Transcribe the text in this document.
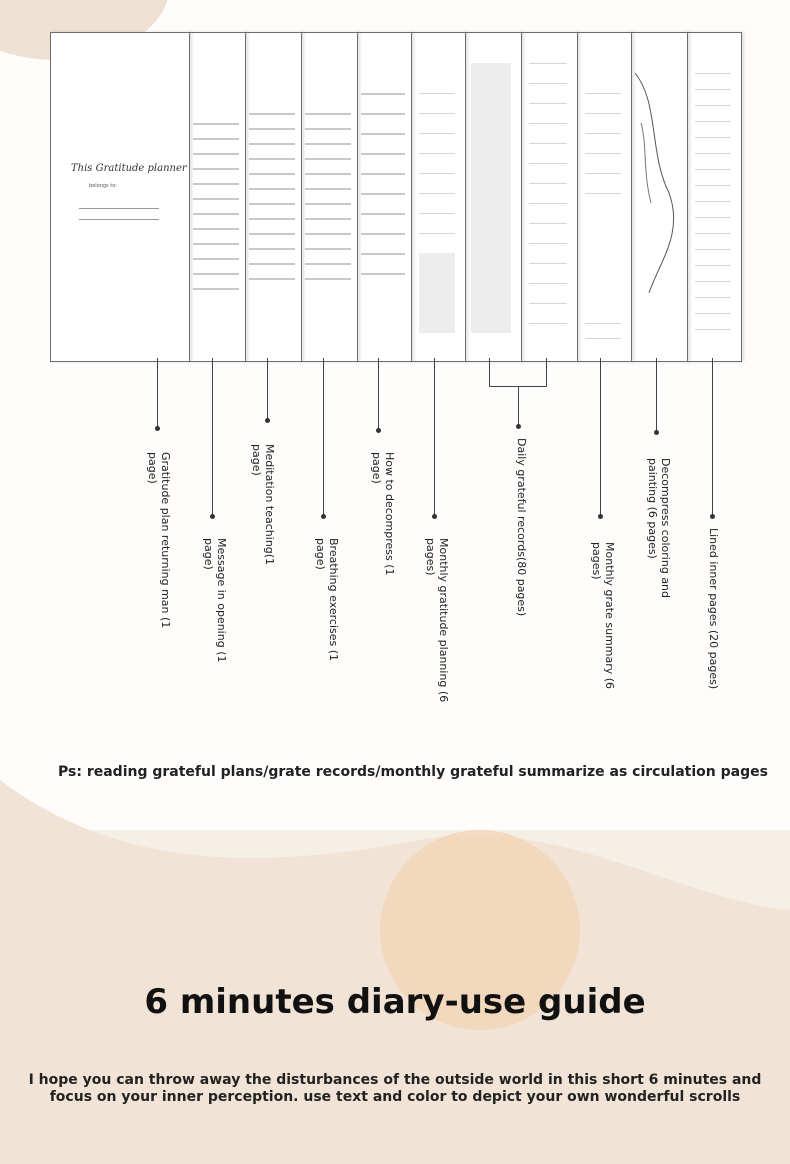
This Gratitude planner
belongs to:
Gratitude plan returning man (1 page)
Message in opening (1 page)	Meditation teaching(1 page)
Breathing exercises (1 page)	How to decompress (1 page)
Monthly gratitude planning (6 pages)	Daily grateful records(80 pages)	Monthly grate summary (6 pages)	Decompress coloring and painting (6 pages)
Lined inner pages (20 pages)
Ps: reading grateful plans/grate records/monthly grateful summarize as circulation pages
6 minutes diary-use guide
I hope you can throw away the disturbances of the outside world in this short 6 minutes and
focus on your inner perception. use text and color to depict your own wonderful scrolls
